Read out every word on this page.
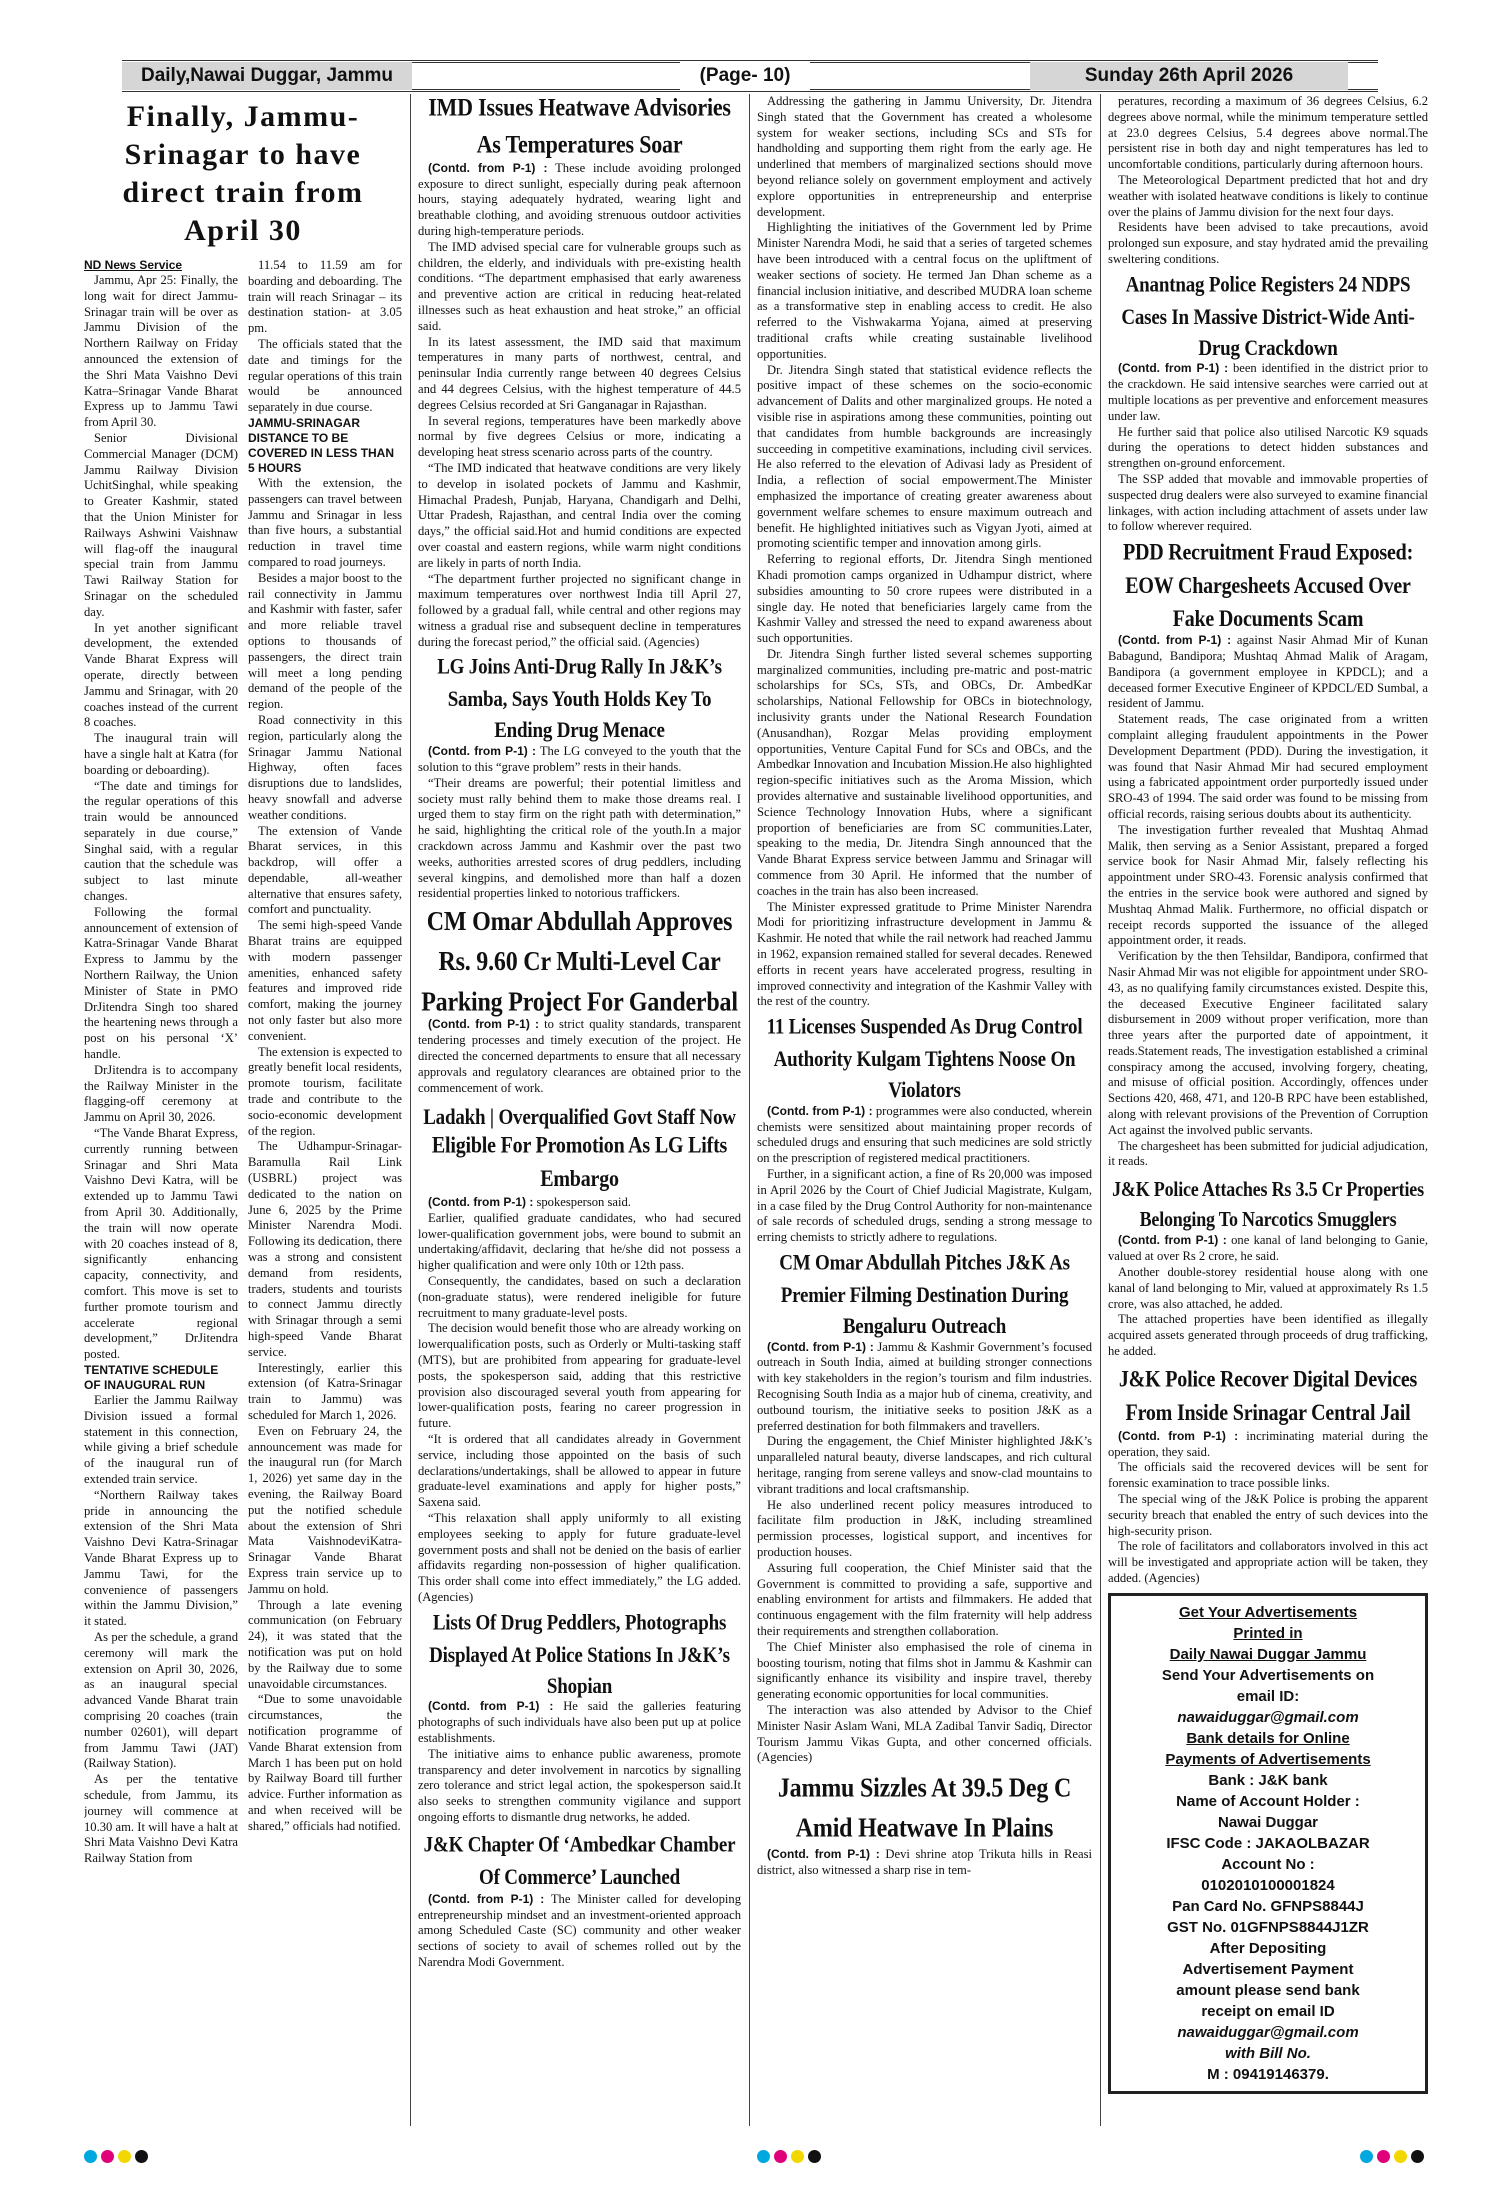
Daily,Nawai Duggar, Jammu	(Page- 10)	Sunday 26th April 2026
Finally, Jammu-Srinagar to have direct train from April 30
ND News Service

Jammu, Apr 25: Finally, the long wait for direct Jammu-Srinagar train will be over as Jammu Division of the Northern Railway on Friday announced the extension of the Shri Mata Vaishno Devi Katra–Srinagar Vande Bharat Express up to Jammu Tawi from April 30.

Senior Divisional Commercial Manager (DCM) Jammu Railway Division UchitSinghal, while speaking to Greater Kashmir, stated that the Union Minister for Railways Ashwini Vaishnaw will flag-off the inaugural special train from Jammu Tawi Railway Station for Srinagar on the scheduled day.

In yet another significant development, the extended Vande Bharat Express will operate, directly between Jammu and Srinagar, with 20 coaches instead of the current 8 coaches.

The inaugural train will have a single halt at Katra (for boarding or deboarding).

“The date and timings for the regular operations of this train would be announced separately in due course,” Singhal said, with a regular caution that the schedule was subject to last minute changes.

Following the formal announcement of extension of Katra-Srinagar Vande Bharat Express to Jammu by the Northern Railway, the Union Minister of State in PMO DrJitendra Singh too shared the heartening news through a post on his personal ‘X’ handle.

DrJitendra is to accompany the Railway Minister in the flagging-off ceremony at Jammu on April 30, 2026.

“The Vande Bharat Express, currently running between Srinagar and Shri Mata Vaishno Devi Katra, will be extended up to Jammu Tawi from April 30. Additionally, the train will now operate with 20 coaches instead of 8, significantly enhancing capacity, connectivity, and comfort. This move is set to further promote tourism and accelerate regional development,” DrJitendra posted.

TENTATIVE SCHEDULE OF INAUGURAL RUN

Earlier the Jammu Railway Division issued a formal statement in this connection, while giving a brief schedule of the inaugural run of extended train service.

“Northern Railway takes pride in announcing the extension of the Shri Mata Vaishno Devi Katra-Srinagar Vande Bharat Express up to Jammu Tawi, for the convenience of passengers within the Jammu Division,” it stated.

As per the schedule, a grand ceremony will mark the extension on April 30, 2026, as an inaugural special advanced Vande Bharat train comprising 20 coaches (train number 02601), will depart from Jammu Tawi (JAT) (Railway Station).

As per the tentative schedule, from Jammu, its journey will commence at 10.30 am. It will have a halt at Shri Mata Vaishno Devi Katra Railway Station from

11.54 to 11.59 am for boarding and deboarding. The train will reach Srinagar – its destination station- at 3.05 pm.

The officials stated that the date and timings for the regular operations of this train would be announced separately in due course.

JAMMU-SRINAGAR DISTANCE TO BE COVERED IN LESS THAN 5 HOURS

With the extension, the passengers can travel between Jammu and Srinagar in less than five hours, a substantial reduction in travel time compared to road journeys.

Besides a major boost to the rail connectivity in Jammu and Kashmir with faster, safer and more reliable travel options to thousands of passengers, the direct train will meet a long pending demand of the people of the region.

Road connectivity in this region, particularly along the Srinagar Jammu National Highway, often faces disruptions due to landslides, heavy snowfall and adverse weather conditions.

The extension of Vande Bharat services, in this backdrop, will offer a dependable, all-weather alternative that ensures safety, comfort and punctuality.

The semi high-speed Vande Bharat trains are equipped with modern passenger amenities, enhanced safety features and improved ride comfort, making the journey not only faster but also more convenient.

The extension is expected to greatly benefit local residents, promote tourism, facilitate trade and contribute to the socio-economic development of the region.

The Udhampur-Srinagar-Baramulla Rail Link (USBRL) project was dedicated to the nation on June 6, 2025 by the Prime Minister Narendra Modi. Following its dedication, there was a strong and consistent demand from residents, traders, students and tourists to connect Jammu directly with Srinagar through a semi high-speed Vande Bharat service.

Interestingly, earlier this extension (of Katra-Srinagar train to Jammu) was scheduled for March 1, 2026.

Even on February 24, the announcement was made for the inaugural run (for March 1, 2026) yet same day in the evening, the Railway Board put the notified schedule about the extension of Shri Mata VaishnodeviKatra-Srinagar Vande Bharat Express train service up to Jammu on hold.

Through a late evening communication (on February 24), it was stated that the notification was put on hold by the Railway due to some unavoidable circumstances.

“Due to some unavoidable circumstances, the notification programme of Vande Bharat extension from March 1 has been put on hold by Railway Board till further advice. Further information as and when received will be shared,” officials had notified.

IMD Issues Heatwave Advisories As Temperatures Soar

(Contd. from P-1) : These include avoiding prolonged exposure to direct sunlight, especially during peak afternoon hours, staying adequately hydrated, wearing light and breathable clothing, and avoiding strenuous outdoor activities during high-temperature periods.

The IMD advised special care for vulnerable groups such as children, the elderly, and individuals with pre-existing health conditions. “The department emphasised that early awareness and preventive action are critical in reducing heat-related illnesses such as heat exhaustion and heat stroke,” an official said.

In its latest assessment, the IMD said that maximum temperatures in many parts of northwest, central, and peninsular India currently range between 40 degrees Celsius and 44 degrees Celsius, with the highest temperature of 44.5 degrees Celsius recorded at Sri Ganganagar in Rajasthan.

In several regions, temperatures have been markedly above normal by five degrees Celsius or more, indicating a developing heat stress scenario across parts of the country.

“The IMD indicated that heatwave conditions are very likely to develop in isolated pockets of Jammu and Kashmir, Himachal Pradesh, Punjab, Haryana, Chandigarh and Delhi, Uttar Pradesh, Rajasthan, and central India over the coming days,” the official said.Hot and humid conditions are expected over coastal and eastern regions, while warm night conditions are likely in parts of north India.

“The department further projected no significant change in maximum temperatures over northwest India till April 27, followed by a gradual fall, while central and other regions may witness a gradual rise and subsequent decline in temperatures during the forecast period,” the official said. (Agencies)

LG Joins Anti-Drug Rally In J&K’s Samba, Says Youth Holds Key To Ending Drug Menace

(Contd. from P-1) : The LG conveyed to the youth that the solution to this “grave problem” rests in their hands.

“Their dreams are powerful; their potential limitless and society must rally behind them to make those dreams real. I urged them to stay firm on the right path with determination,” he said, highlighting the critical role of the youth.In a major crackdown across Jammu and Kashmir over the past two weeks, authorities arrested scores of drug peddlers, including several kingpins, and demolished more than half a dozen residential properties linked to notorious traffickers.

CM Omar Abdullah Approves Rs. 9.60 Cr Multi-Level Car Parking Project For Ganderbal

(Contd. from P-1) : to strict quality standards, transparent tendering processes and timely execution of the project. He directed the concerned departments to ensure that all necessary approvals and regulatory clearances are obtained prior to the commencement of work.

Ladakh | Overqualified Govt Staff Now
Eligible For Promotion As LG Lifts Embargo

(Contd. from P-1) : spokesperson said.

Earlier, qualified graduate candidates, who had secured lower-qualification government jobs, were bound to submit an undertaking/affidavit, declaring that he/she did not possess a higher qualification and were only 10th or 12th pass.

Consequently, the candidates, based on such a declaration (non-graduate status), were rendered ineligible for future recruitment to many graduate-level posts.

The decision would benefit those who are already working on lowerqualification posts, such as Orderly or Multi-tasking staff (MTS), but are prohibited from appearing for graduate-level posts, the spokesperson said, adding that this restrictive provision also discouraged several youth from appearing for lower-qualification posts, fearing no career progression in future.

“It is ordered that all candidates already in Government service, including those appointed on the basis of such declarations/undertakings, shall be allowed to appear in future graduate-level examinations and apply for higher posts,” Saxena said.

“This relaxation shall apply uniformly to all existing employees seeking to apply for future graduate-level government posts and shall not be denied on the basis of earlier affidavits regarding non-possession of higher qualification. This order shall come into effect immediately,” the LG added. (Agencies)

Lists Of Drug Peddlers, Photographs Displayed At Police Stations In J&K’s Shopian

(Contd. from P-1) : He said the galleries featuring photographs of such individuals have also been put up at police establishments.

The initiative aims to enhance public awareness, promote transparency and deter involvement in narcotics by signalling zero tolerance and strict legal action, the spokesperson said.It also seeks to strengthen community vigilance and support ongoing efforts to dismantle drug networks, he added.

J&K Chapter Of ‘Ambedkar Chamber Of Commerce’ Launched

(Contd. from P-1) : The Minister called for developing entrepreneurship mindset and an investment-oriented approach among Scheduled Caste (SC) community and other weaker sections of society to avail of schemes rolled out by the Narendra Modi Government.

Addressing the gathering in Jammu University, Dr. Jitendra Singh stated that the Government has created a wholesome system for weaker sections, including SCs and STs for handholding and supporting them right from the early age. He underlined that members of marginalized sections should move beyond reliance solely on government employment and actively explore opportunities in entrepreneurship and enterprise development.

Highlighting the initiatives of the Government led by Prime Minister Narendra Modi, he said that a series of targeted schemes have been introduced with a central focus on the upliftment of weaker sections of society. He termed Jan Dhan scheme as a financial inclusion initiative, and described MUDRA loan scheme as a transformative step in enabling access to credit. He also referred to the Vishwakarma Yojana, aimed at preserving traditional crafts while creating sustainable livelihood opportunities.

Dr. Jitendra Singh stated that statistical evidence reflects the positive impact of these schemes on the socio-economic advancement of Dalits and other marginalized groups. He noted a visible rise in aspirations among these communities, pointing out that candidates from humble backgrounds are increasingly succeeding in competitive examinations, including civil services. He also referred to the elevation of Adivasi lady as President of India, a reflection of social empowerment.The Minister emphasized the importance of creating greater awareness about government welfare schemes to ensure maximum outreach and benefit. He highlighted initiatives such as Vigyan Jyoti, aimed at promoting scientific temper and innovation among girls.

Referring to regional efforts, Dr. Jitendra Singh mentioned Khadi promotion camps organized in Udhampur district, where subsidies amounting to 50 crore rupees were distributed in a single day. He noted that beneficiaries largely came from the Kashmir Valley and stressed the need to expand awareness about such opportunities.

Dr. Jitendra Singh further listed several schemes supporting marginalized communities, including pre-matric and post-matric scholarships for SCs, STs, and OBCs, Dr. AmbedKar scholarships, National Fellowship for OBCs in biotechnology, inclusivity grants under the National Research Foundation (Anusandhan), Rozgar Melas providing employment opportunities, Venture Capital Fund for SCs and OBCs, and the Ambedkar Innovation and Incubation Mission.He also highlighted region-specific initiatives such as the Aroma Mission, which provides alternative and sustainable livelihood opportunities, and Science Technology Innovation Hubs, where a significant proportion of beneficiaries are from SC communities.Later, speaking to the media, Dr. Jitendra Singh announced that the Vande Bharat Express service between Jammu and Srinagar will commence from 30 April. He informed that the number of coaches in the train has also been increased.

The Minister expressed gratitude to Prime Minister Narendra Modi for prioritizing infrastructure development in Jammu & Kashmir. He noted that while the rail network had reached Jammu in 1962, expansion remained stalled for several decades. Renewed efforts in recent years have accelerated progress, resulting in improved connectivity and integration of the Kashmir Valley with the rest of the country.

11 Licenses Suspended As Drug Control Authority Kulgam Tightens Noose On Violators

(Contd. from P-1) : programmes were also conducted, wherein chemists were sensitized about maintaining proper records of scheduled drugs and ensuring that such medicines are sold strictly on the prescription of registered medical practitioners.

Further, in a significant action, a fine of Rs 20,000 was imposed in April 2026 by the Court of Chief Judicial Magistrate, Kulgam, in a case filed by the Drug Control Authority for non-maintenance of sale records of scheduled drugs, sending a strong message to erring chemists to strictly adhere to regulations.

CM Omar Abdullah Pitches J&K As Premier Filming Destination During Bengaluru Outreach

(Contd. from P-1) : Jammu & Kashmir Government’s focused outreach in South India, aimed at building stronger connections with key stakeholders in the region’s tourism and film industries. Recognising South India as a major hub of cinema, creativity, and outbound tourism, the initiative seeks to position J&K as a preferred destination for both filmmakers and travellers.

During the engagement, the Chief Minister highlighted J&K’s unparalleled natural beauty, diverse landscapes, and rich cultural heritage, ranging from serene valleys and snow-clad mountains to vibrant traditions and local craftsmanship.

He also underlined recent policy measures introduced to facilitate film production in J&K, including streamlined permission processes, logistical support, and incentives for production houses.

Assuring full cooperation, the Chief Minister said that the Government is committed to providing a safe, supportive and enabling environment for artists and filmmakers. He added that continuous engagement with the film fraternity will help address their requirements and strengthen collaboration.

The Chief Minister also emphasised the role of cinema in boosting tourism, noting that films shot in Jammu & Kashmir can significantly enhance its visibility and inspire travel, thereby generating economic opportunities for local communities.

The interaction was also attended by Advisor to the Chief Minister Nasir Aslam Wani, MLA Zadibal Tanvir Sadiq, Director Tourism Jammu Vikas Gupta, and other concerned officials.(Agencies)

Jammu Sizzles At 39.5 Deg C Amid Heatwave In Plains

(Contd. from P-1) : Devi shrine atop Trikuta hills in Reasi district, also witnessed a sharp rise in tem-

peratures, recording a maximum of 36 degrees Celsius, 6.2 degrees above normal, while the minimum temperature settled at 23.0 degrees Celsius, 5.4 degrees above normal.The persistent rise in both day and night temperatures has led to uncomfortable conditions, particularly during afternoon hours.

The Meteorological Department predicted that hot and dry weather with isolated heatwave conditions is likely to continue over the plains of Jammu division for the next four days.

Residents have been advised to take precautions, avoid prolonged sun exposure, and stay hydrated amid the prevailing sweltering conditions.

Anantnag Police Registers 24 NDPS Cases In Massive District-Wide Anti-Drug Crackdown

(Contd. from P-1) : been identified in the district prior to the crackdown. He said intensive searches were carried out at multiple locations as per preventive and enforcement measures under law.

He further said that police also utilised Narcotic K9 squads during the operations to detect hidden substances and strengthen on-ground enforcement.

The SSP added that movable and immovable properties of suspected drug dealers were also surveyed to examine financial linkages, with action including attachment of assets under law to follow wherever required.

PDD Recruitment Fraud Exposed: EOW Chargesheets Accused Over Fake Documents Scam

(Contd. from P-1) : against Nasir Ahmad Mir of Kunan Babagund, Bandipora; Mushtaq Ahmad Malik of Aragam, Bandipora (a government employee in KPDCL); and a deceased former Executive Engineer of KPDCL/ED Sumbal, a resident of Jammu.

Statement reads, The case originated from a written complaint alleging fraudulent appointments in the Power Development Department (PDD). During the investigation, it was found that Nasir Ahmad Mir had secured employment using a fabricated appointment order purportedly issued under SRO-43 of 1994. The said order was found to be missing from official records, raising serious doubts about its authenticity.

The investigation further revealed that Mushtaq Ahmad Malik, then serving as a Senior Assistant, prepared a forged service book for Nasir Ahmad Mir, falsely reflecting his appointment under SRO-43. Forensic analysis confirmed that the entries in the service book were authored and signed by Mushtaq Ahmad Malik. Furthermore, no official dispatch or receipt records supported the issuance of the alleged appointment order, it reads.

Verification by the then Tehsildar, Bandipora, confirmed that Nasir Ahmad Mir was not eligible for appointment under SRO-43, as no qualifying family circumstances existed. Despite this, the deceased Executive Engineer facilitated salary disbursement in 2009 without proper verification, more than three years after the purported date of appointment, it reads.Statement reads, The investigation established a criminal conspiracy among the accused, involving forgery, cheating, and misuse of official position. Accordingly, offences under Sections 420, 468, 471, and 120-B RPC have been established, along with relevant provisions of the Prevention of Corruption Act against the involved public servants.

The chargesheet has been submitted for judicial adjudication, it reads.

J&K Police Attaches Rs 3.5 Cr Properties Belonging To Narcotics Smugglers

(Contd. from P-1) : one kanal of land belonging to Ganie, valued at over Rs 2 crore, he said.

Another double-storey residential house along with one kanal of land belonging to Mir, valued at approximately Rs 1.5 crore, was also attached, he added.

The attached properties have been identified as illegally acquired assets generated through proceeds of drug trafficking, he added.

J&K Police Recover Digital Devices From Inside Srinagar Central Jail

(Contd. from P-1) : incriminating material during the operation, they said.

The officials said the recovered devices will be sent for forensic examination to trace possible links.

The special wing of the J&K Police is probing the apparent security breach that enabled the entry of such devices into the high-security prison.

The role of facilitators and collaborators involved in this act will be investigated and appropriate action will be taken, they added. (Agencies)

Get Your Advertisements
Printed in
Daily Nawai Duggar Jammu
Send Your Advertisements on
email ID:
nawaiduggar@gmail.com
Bank details for Online
Payments of Advertisements
Bank : J&K bank
Name of Account Holder :
Nawai Duggar
IFSC Code : JAKAOLBAZAR
Account No :
0102010100001824
Pan Card No. GFNPS8844J
GST No. 01GFNPS8844J1ZR
After Depositing
Advertisement Payment
amount please send bank
receipt on email ID
nawaiduggar@gmail.com
with Bill No.
M : 09419146379.
